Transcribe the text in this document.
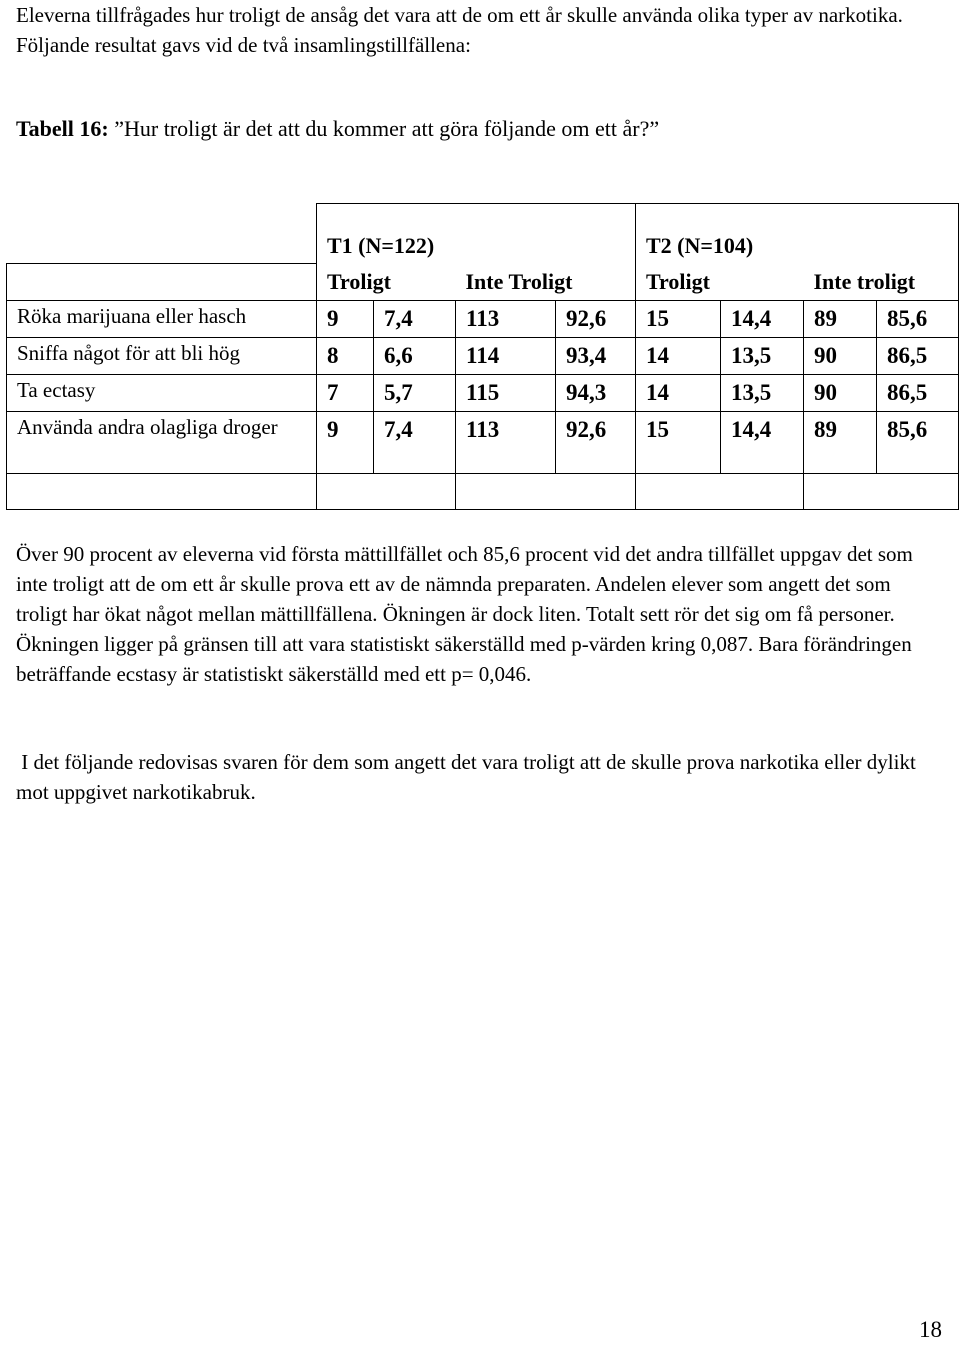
Eleverna tillfrågades hur troligt de ansåg det vara att de om ett år skulle använda olika typer av narkotika. Följande resultat gavs vid de två insamlingstillfällena:

Tabell 16: ”Hur troligt är det att du kommer att göra följande om ett år?”

	T1 (N=122)				T2 (N=104)			
	Troligt		Inte Troligt		Troligt		Inte troligt	
Röka marijuana eller hasch	9	7,4	113	92,6	15	14,4	89	85,6
Sniffa något för att bli hög	8	6,6	114	93,4	14	13,5	90	86,5
Ta ectasy	7	5,7	115	94,3	14	13,5	90	86,5
Använda andra olagliga droger	9	7,4	113	92,6	15	14,4	89	85,6

Över 90 procent av eleverna vid första mättillfället och 85,6 procent vid det andra tillfället uppgav det som inte troligt att de om ett år skulle prova ett av de nämnda preparaten. Andelen elever som angett det som troligt har ökat något mellan mättillfällena. Ökningen är dock liten. Totalt sett rör det sig om få personer. Ökningen ligger på gränsen till att vara statistiskt säkerställd med p-värden kring 0,087. Bara förändringen beträffande ecstasy är statistiskt säkerställd med ett p= 0,046.

I det följande redovisas svaren för dem som angett det vara troligt att de skulle prova narkotika eller dylikt mot uppgivet narkotikabruk.

18
